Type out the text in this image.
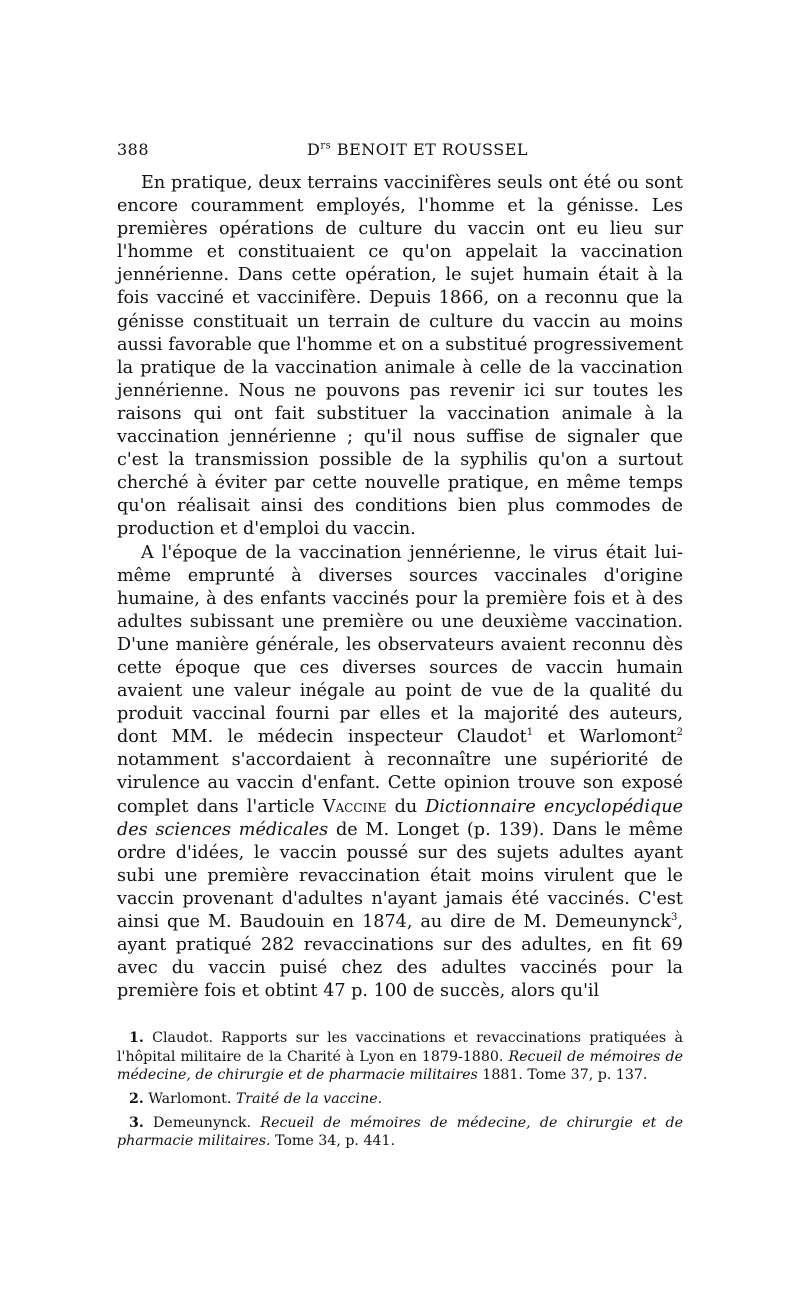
388	$D^{rs}$ BENOIT ET ROUSSEL

En pratique, deux terrains vaccinifères seuls ont été ou sont encore couramment employés, l'homme et la génisse. Les premières opérations de culture du vaccin ont eu lieu sur l'homme et constituaient ce qu'on appelait la vaccination jennérienne. Dans cette opération, le sujet humain était à la fois vacciné et vaccinifère. Depuis 1866, on a reconnu que la génisse constituait un terrain de culture du vaccin au moins aussi favorable que l'homme et on a substitué progressivement la pratique de la vaccination animale à celle de la vaccination jennérienne. Nous ne pouvons pas revenir ici sur toutes les raisons qui ont fait substituer la vaccination animale à la vaccination jennérienne ; qu'il nous suffise de signaler que c'est la transmission possible de la syphilis qu'on a surtout cherché à éviter par cette nouvelle pratique, en même temps qu'on réalisait ainsi des conditions bien plus commodes de production et d'emploi du vaccin.

A l'époque de la vaccination jennérienne, le virus était lui-même emprunté à diverses sources vaccinales d'origine humaine, à des enfants vaccinés pour la première fois et à des adultes subissant une première ou une deuxième vaccination. D'une manière générale, les observateurs avaient reconnu dès cette époque que ces diverses sources de vaccin humain avaient une valeur inégale au point de vue de la qualité du produit vaccinal fourni par elles et la majorité des auteurs, dont MM. le médecin inspecteur Claudot$^1$ et Warlomont$^2$ notamment s'accordaient à reconnaître une supériorité de virulence au vaccin d'enfant. Cette opinion trouve son exposé complet dans l'article Vaccine du Dictionnaire encyclopédique des sciences médicales de M. Longet (p. 139). Dans le même ordre d'idées, le vaccin poussé sur des sujets adultes ayant subi une première revaccination était moins virulent que le vaccin provenant d'adultes n'ayant jamais été vaccinés. C'est ainsi que M. Baudouin en 1874, au dire de M. Demeunynck$^3$, ayant pratiqué 282 revaccinations sur des adultes, en fit 69 avec du vaccin puisé chez des adultes vaccinés pour la première fois et obtint 47 p. 100 de succès, alors qu'il

1. Claudot. Rapports sur les vaccinations et revaccinations pratiquées à l'hôpital militaire de la Charité à Lyon en 1879-1880. Recueil de mémoires de médecine, de chirurgie et de pharmacie militaires 1881. Tome 37, p. 137.

2. Warlomont. Traité de la vaccine.

3. Demeunynck. Recueil de mémoires de médecine, de chirurgie et de pharmacie militaires. Tome 34, p. 441.
